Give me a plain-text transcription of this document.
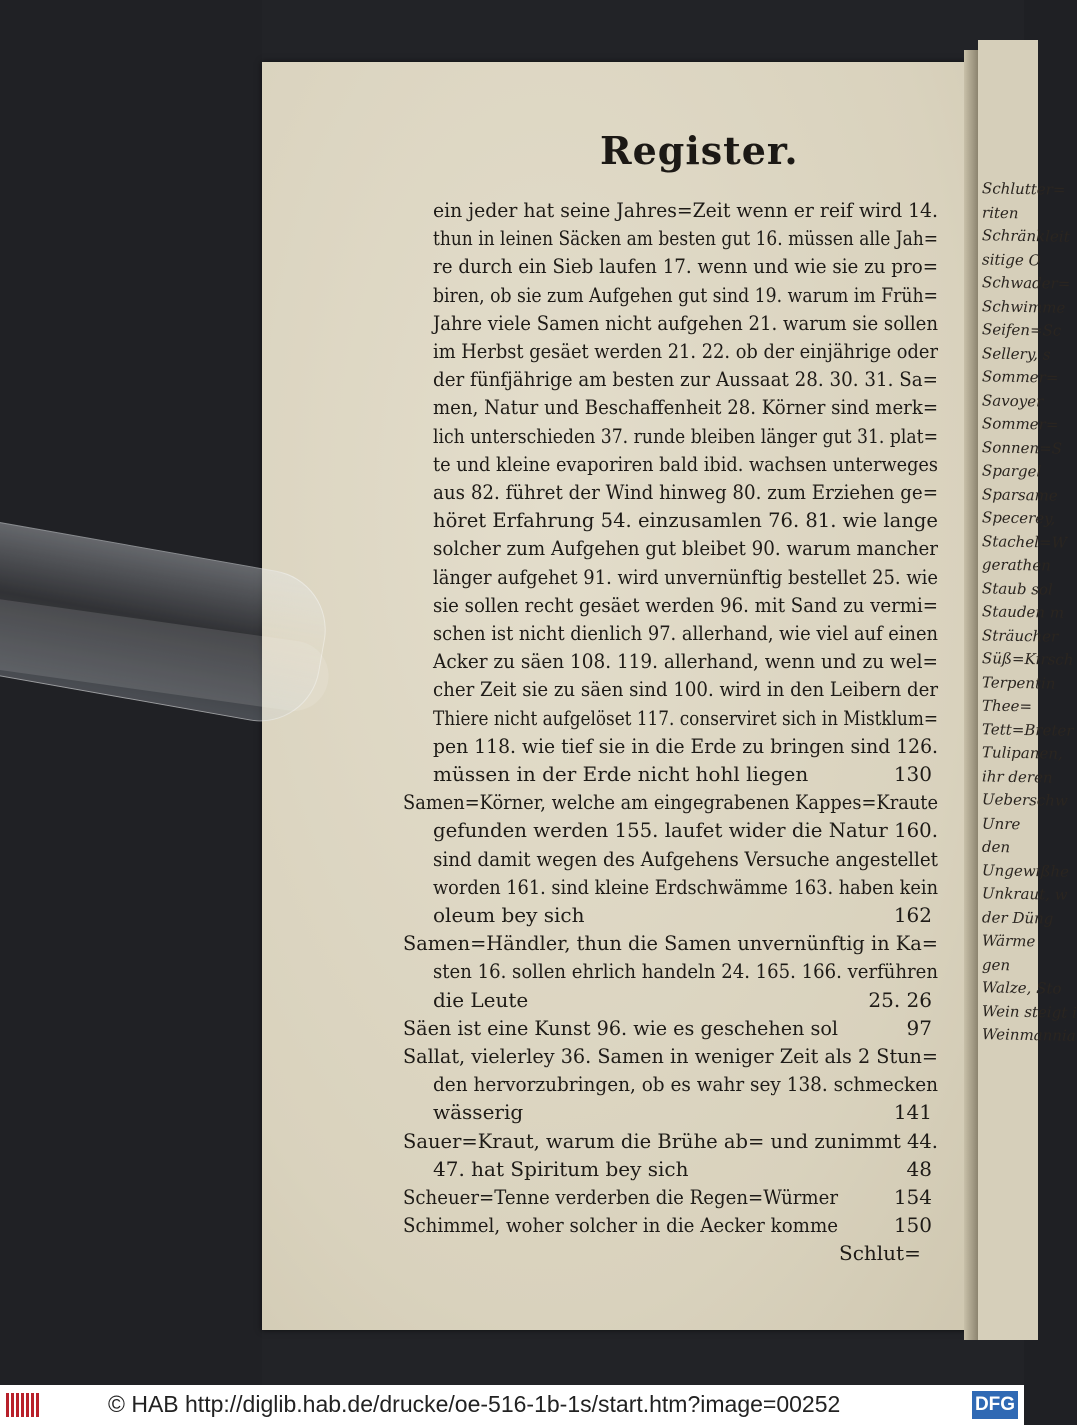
Schlutter=
riten
Schränkleit
sitige O
Schwader=
Schwimme
Seifen=Sc
Sellery, s
Sommer=
Savoyer
Sommer=
Sonnen=S
Spargel
Sparsame
Specerey,
Stachel=W
gerathen
Staub sol
Stauden m
Sträucher
Süß=Kirsch
Terpentin
Thee=
Tett=Breter
Tulipanen,
ihr deren
Ueberschw
Unre
den
Ungewißhe
Unkraut, w
der Düng
Wärme
gen
Walze, Sto
Wein steigt i
Weinmannia
Register.
ein jeder hat seine Jahres=Zeit wenn er reif wird 14.
thun in leinen Säcken am besten gut 16. müssen alle Jah=
re durch ein Sieb laufen 17. wenn und wie sie zu pro=
biren, ob sie zum Aufgehen gut sind 19. warum im Früh=
Jahre viele Samen nicht aufgehen 21. warum sie sollen
im Herbst gesäet werden 21. 22. ob der einjährige oder
der fünfjährige am besten zur Aussaat 28. 30. 31. Sa=
men, Natur und Beschaffenheit 28. Körner sind merk=
lich unterschieden 37. runde bleiben länger gut 31. plat=
te und kleine evaporiren bald ibid. wachsen unterweges
aus 82. führet der Wind hinweg 80. zum Erziehen ge=
höret Erfahrung 54. einzusamlen 76. 81. wie lange
solcher zum Aufgehen gut bleibet 90. warum mancher
länger aufgehet 91. wird unvernünftig bestellet 25. wie
sie sollen recht gesäet werden 96. mit Sand zu vermi=
schen ist nicht dienlich 97. allerhand, wie viel auf einen
Acker zu säen 108. 119. allerhand, wenn und zu wel=
cher Zeit sie zu säen sind 100. wird in den Leibern der
Thiere nicht aufgelöset 117. conserviret sich in Mistklum=
pen 118. wie tief sie in die Erde zu bringen sind 126.
müssen in der Erde nicht hohl liegen	130
Samen=Körner, welche am eingegrabenen Kappes=Kraute
gefunden werden 155. laufet wider die Natur 160.
sind damit wegen des Aufgehens Versuche angestellet
worden 161. sind kleine Erdschwämme 163. haben kein
oleum bey sich	162
Samen=Händler, thun die Samen unvernünftig in Ka=
sten 16. sollen ehrlich handeln 24. 165. 166. verführen
die Leute	25. 26
Säen ist eine Kunst 96. wie es geschehen sol	97
Sallat, vielerley 36. Samen in weniger Zeit als 2 Stun=
den hervorzubringen, ob es wahr sey 138. schmecken
wässerig	141
Sauer=Kraut, warum die Brühe ab= und zunimmt 44.
47. hat Spiritum bey sich	48
Scheuer=Tenne verderben die Regen=Würmer	154
Schimmel, woher solcher in die Aecker komme	150
Schlut=
© HAB http://diglib.hab.de/drucke/oe-516-1b-1s/start.htm?image=00252	DFG
